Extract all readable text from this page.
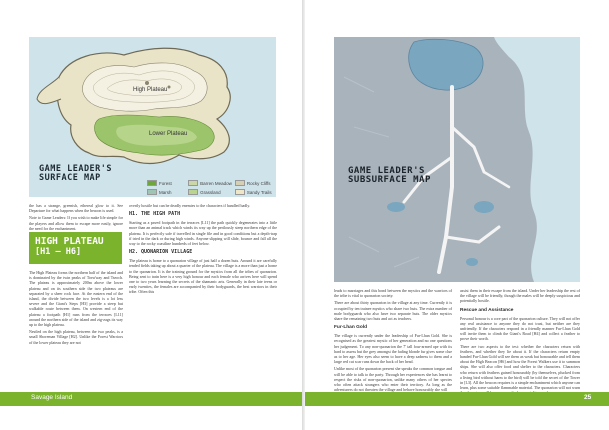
High Plateau
Lower Plateau
GAME LEADER'S
SURFACE MAP
Forest	Barren Meadow	Rocky Cliffs
Marsh	Grassland	Sandy Trails

the has a strange, greenish, ethereal glow to it. See Departure for what happens when the beacon is used.

Note to Game Leaders: If you wish to make life simple for the players and allow them to escape more easily, ignore the need for the enchantment.

HIGH PLATEAU
[H1 – H6]

The High Plateau forms the northern half of the island and is dominated by the twin peaks of Toeu'way and Tseoch. The plateau is approximately 200m above the lower plateau and on its southern side the two plateaus are separated by a sheer rock face. At the eastern end of the island, the divide between the two levels is a lot less severe and the Giant's Steps [H3] provide a steep but walkable route between them. On western end of the plateau a footpath [H1] runs from the terraces [L11] around the northern side of the island and zig-zags its way up to the high plateau.

Nestled on the high plateau, between the two peaks, is a small Shoreman Village [H2]. Unlike the Forest Warriors of the lower plateau they are not

overtly hostile but can be deadly enemies to the characters if handled badly.

H1. THE HIGH PATH

Starting as a paved footpath in the terraces [L11] the path quickly degenerates into a little more than an animal track which winds its way up the perilously steep northern edge of the plateau. It is perfectly safe if travelled in single file and in good conditions but a depth-trap if tried in the dark or during high winds. Anyone slipping will slide, bounce and fall all the way to the rocky coastline hundreds of feet below.

H2. QUONARION VILLAGE

The plateau is home to a quonarion village of just half a dozen huts. Around it are carefully tended fields taking up about a quarter of the plateau. The village is a more than just a home to the quonarion. It is the training ground for the mystics from all the tribes of quonarion. Being sent to train here is a very high honour and each female who arrives here will spend one to two years learning the secrets of the shamanic arts. Generally in their late teens or early twenties, the females are accompanied by their bodyguards, the best warriors in their tribe. Often this

Savage Island
GAME LEADER'S
SUBSURFACE MAP

leads to marriages and this bond between the mystics and the warriors of the tribe is vital to quonarion society.

There are about thirty quonarion in the village at any time. Currently it is occupied by ten trainee mystics who share two huts. The extra number of male bodyguards who also have two separate huts. The older mystics share the remaining two huts and act as teachers.

Fur-Lhan Gold

The village is currently under the leadership of Fur-Lhan Gold. She is recognised as the greatest mystic of her generation and no one questions her judgement. To any non-quonarion the 7' tall four-armed ape with its hard to assess but the grey amongst the fading blonde fur gives some clue as to her age. Her eyes also seem to have a deep sadness to them and a large red cut scar runs down the back of her head.

Unlike most of the quonarion present she speaks the common tongue and will be able to talk to the party. Through her experiences she has learnt to respect the risks of non-quonarion, unlike many others of her species who often attack strangers who enter their territory. As long as the adventurers do not threaten the village and behave honourably she will

assist them in their escape from the island. Under her leadership the rest of the village will be friendly, though the males will be deeply suspicious and potentially hostile.

Rescue and Assistance

Personal honour is a core part of the quonarion culture. They will not offer any real assistance to anyone they do not trust, but neither are they unfriendly. If the characters respond in a friendly manner Fur-Lhan Gold will invite them to climb the Giant's Road [H4] and collect a feather to prove their worth.

There are two aspects to the test: whether the characters return with feathers, and whether they lie about it. If the characters return empty handed Fur-Lhan Gold will see them as weak but honourable and tell them about the High Beacon [H6] and how the Forest Walkers use it to summon ships. She will also offer food and shelter to the characters. Characters who return with feathers gained honourably (by themselves, plucked from a living bird without harm to the bird) will be told the secret of the Tower in [L3]. All the beacon requires is a simple enchantment which anyone can learn, plus some suitable flammable material. The quonarion will not warn

25
